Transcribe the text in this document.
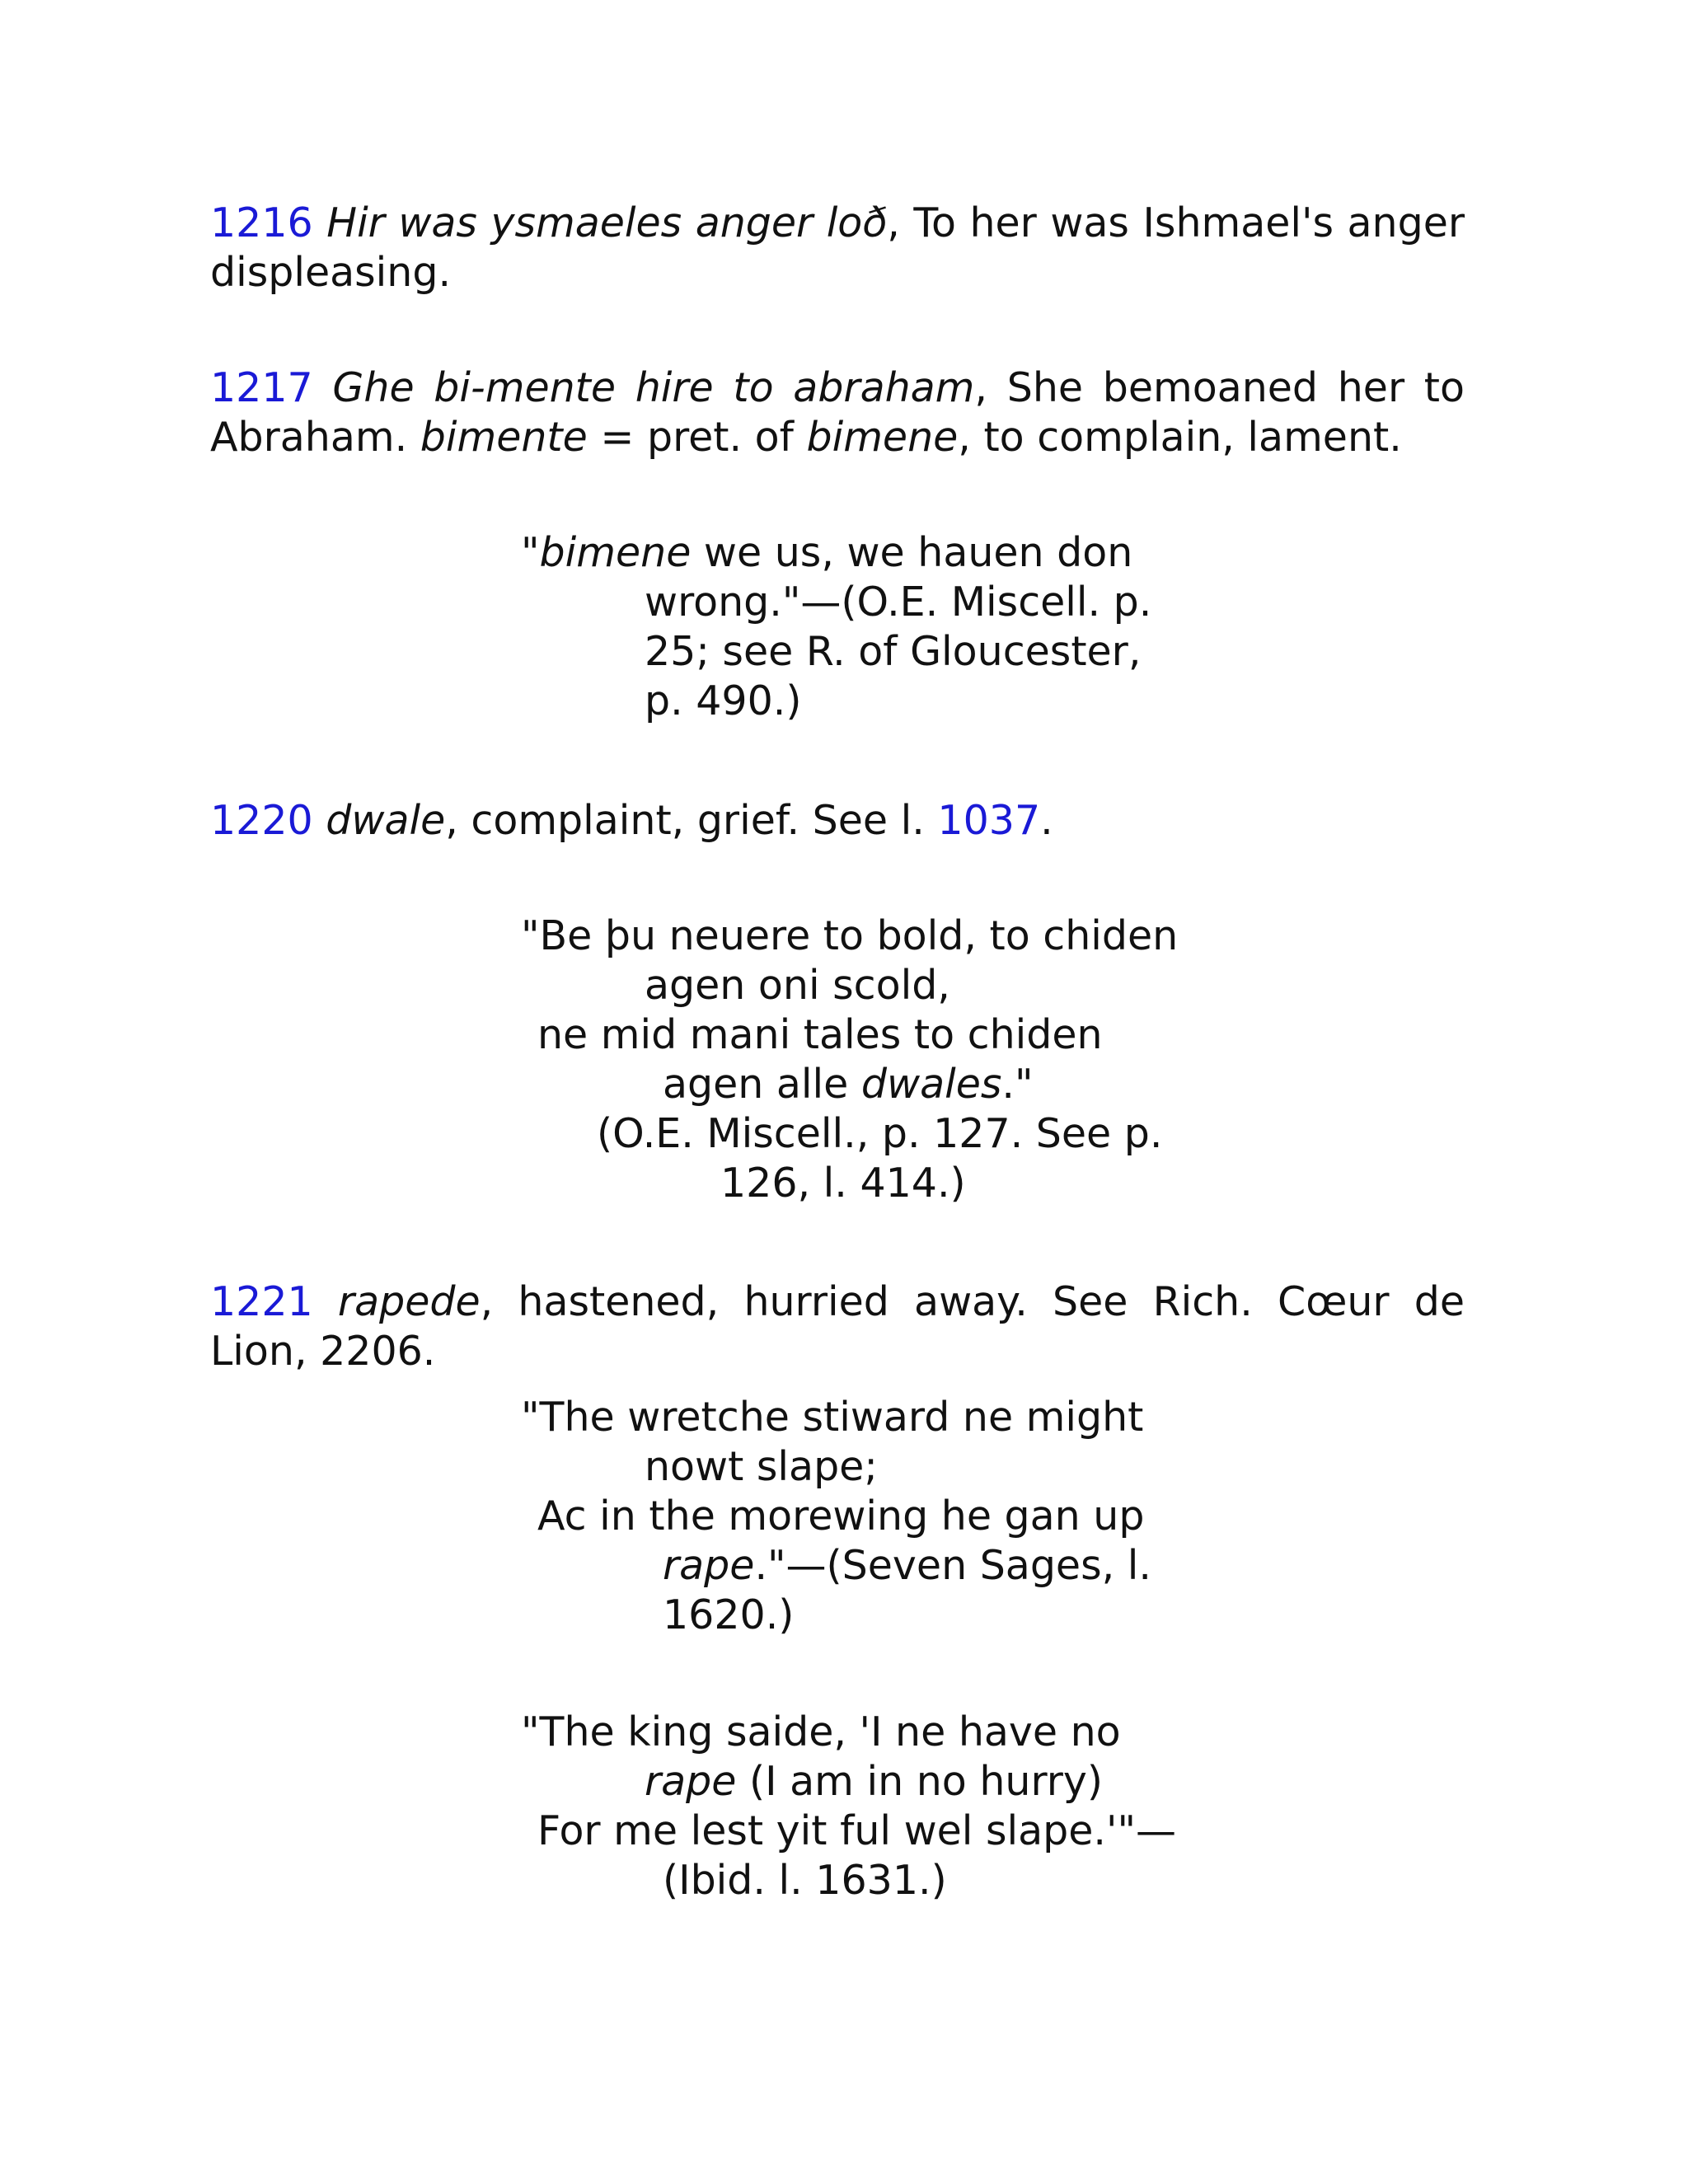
1216 Hir was ysmaeles anger loð, To her was Ishmael's anger displeasing.

1217 Ghe bi-mente hire to abraham, She bemoaned her to Abraham. bimente = pret. of bimene, to complain, lament.

"bimene we us, we hauen don
wrong."—(O.E. Miscell. p.
25; see R. of Gloucester,
p. 490.)

1220 dwale, complaint, grief. See l. 1037.

"Be þu neuere to bold, to chiden
agen oni scold,
ne mid mani tales to chiden
agen alle dwales."
(O.E. Miscell., p. 127. See p.
126, l. 414.)

1221 rapede, hastened, hurried away. See Rich. Cœur de Lion, 2206.

"The wretche stiward ne might
nowt slape;
Ac in the morewing he gan up
rape."—(Seven Sages, l.
1620.)
"The king saide, 'I ne have no
rape (I am in no hurry)
For me lest yit ful wel slape.'"—
(Ibid. l. 1631.)
